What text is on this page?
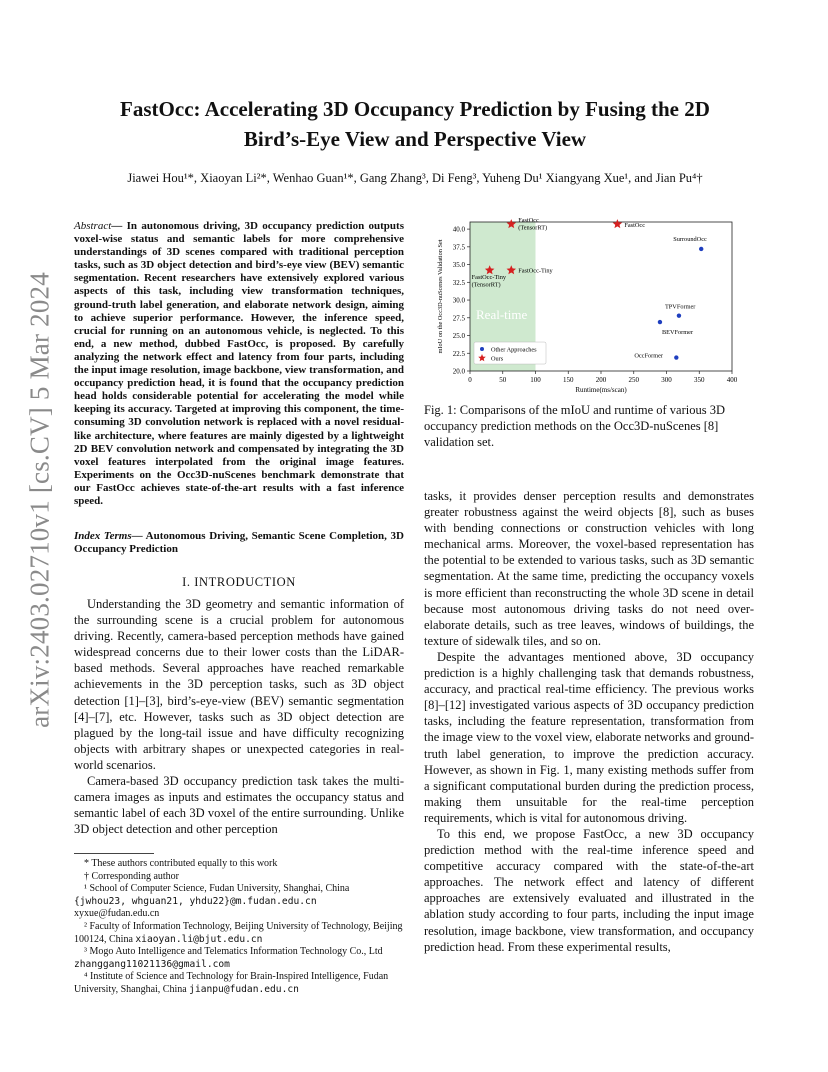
FastOcc: Accelerating 3D Occupancy Prediction by Fusing the 2D
Bird’s-Eye View and Perspective View
Jiawei Hou¹*, Xiaoyan Li²*, Wenhao Guan¹*, Gang Zhang³, Di Feng³, Yuheng Du¹ Xiangyang Xue¹, and Jian Pu⁴†
arXiv:2403.02710v1 [cs.CV] 5 Mar 2024
Abstract— In autonomous driving, 3D occupancy prediction outputs voxel-wise status and semantic labels for more comprehensive understandings of 3D scenes compared with traditional perception tasks, such as 3D object detection and bird’s-eye view (BEV) semantic segmentation. Recent researchers have extensively explored various aspects of this task, including view transformation techniques, ground-truth label generation, and elaborate network design, aiming to achieve superior performance. However, the inference speed, crucial for running on an autonomous vehicle, is neglected. To this end, a new method, dubbed FastOcc, is proposed. By carefully analyzing the network effect and latency from four parts, including the input image resolution, image backbone, view transformation, and occupancy prediction head, it is found that the occupancy prediction head holds considerable potential for accelerating the model while keeping its accuracy. Targeted at improving this component, the time-consuming 3D convolution network is replaced with a novel residual-like architecture, where features are mainly digested by a lightweight 2D BEV convolution network and compensated by integrating the 3D voxel features interpolated from the original image features. Experiments on the Occ3D-nuScenes benchmark demonstrate that our FastOcc achieves state-of-the-art results with a fast inference speed.
Index Terms— Autonomous Driving, Semantic Scene Completion, 3D Occupancy Prediction
I. INTRODUCTION

Understanding the 3D geometry and semantic information of the surrounding scene is a crucial problem for autonomous driving. Recently, camera-based perception methods have gained widespread concerns due to their lower costs than the LiDAR-based methods. Several approaches have reached remarkable achievements in the 3D perception tasks, such as 3D object detection [1]–[3], bird’s-eye-view (BEV) semantic segmentation [4]–[7], etc. However, tasks such as 3D object detection are plagued by the long-tail issue and have difficulty recognizing objects with arbitrary shapes or unexpected categories in real-world scenarios.

Camera-based 3D occupancy prediction task takes the multi-camera images as inputs and estimates the occupancy status and semantic label of each 3D voxel of the entire surrounding. Unlike 3D object detection and other perception

* These authors contributed equally to this work
† Corresponding author
¹ School of Computer Science, Fudan University, Shanghai, China
{jwhou23, whguan21, yhdu22}@m.fudan.edu.cn
xyxue@fudan.edu.cn
² Faculty of Information Technology, Beijing University of Technology, Beijing 100124, China xiaoyan.li@bjut.edu.cn
³ Mogo Auto Intelligence and Telematics Information Technology Co., Ltd zhanggang11021136@gmail.com
⁴ Institute of Science and Technology for Brain-Inspired Intelligence, Fudan University, Shanghai, China jianpu@fudan.edu.cn
Real-time
0	50	100	150	200	250	300	350	400
20.0
22.5
25.0
27.5
30.0
32.5
35.0
37.5
40.0
Runtime(ms/scan)
mIoU on the Occ3D-nuScenes Validation Set	SurroundOcc
TPVFormer
BEVFormer
OccFormer
FastOcc
(TensorRT)	FastOcc
FastOcc-Tiny
(TensorRT)
FastOcc-Tiny
Other Approaches
Ours
Fig. 1: Comparisons of the mIoU and runtime of various 3D occupancy prediction methods on the Occ3D-nuScenes [8] validation set.

tasks, it provides denser perception results and demonstrates greater robustness against the weird objects [8], such as buses with bending connections or construction vehicles with long mechanical arms. Moreover, the voxel-based representation has the potential to be extended to various tasks, such as 3D semantic segmentation. At the same time, predicting the occupancy voxels is more efficient than reconstructing the whole 3D scene in detail because most autonomous driving tasks do not need over-elaborate details, such as tree leaves, windows of buildings, the texture of sidewalk tiles, and so on.

Despite the advantages mentioned above, 3D occupancy prediction is a highly challenging task that demands robustness, accuracy, and practical real-time efficiency. The previous works [8]–[12] investigated various aspects of 3D occupancy prediction tasks, including the feature representation, transformation from the image view to the voxel view, elaborate networks and ground-truth label generation, to improve the prediction accuracy. However, as shown in Fig. 1, many existing methods suffer from a significant computational burden during the prediction process, making them unsuitable for the real-time perception requirements, which is vital for autonomous driving.

To this end, we propose FastOcc, a new 3D occupancy prediction method with the real-time inference speed and competitive accuracy compared with the state-of-the-art approaches. The network effect and latency of different approaches are extensively evaluated and illustrated in the ablation study according to four parts, including the input image resolution, image backbone, view transformation, and occupancy prediction head. From these experimental results,
